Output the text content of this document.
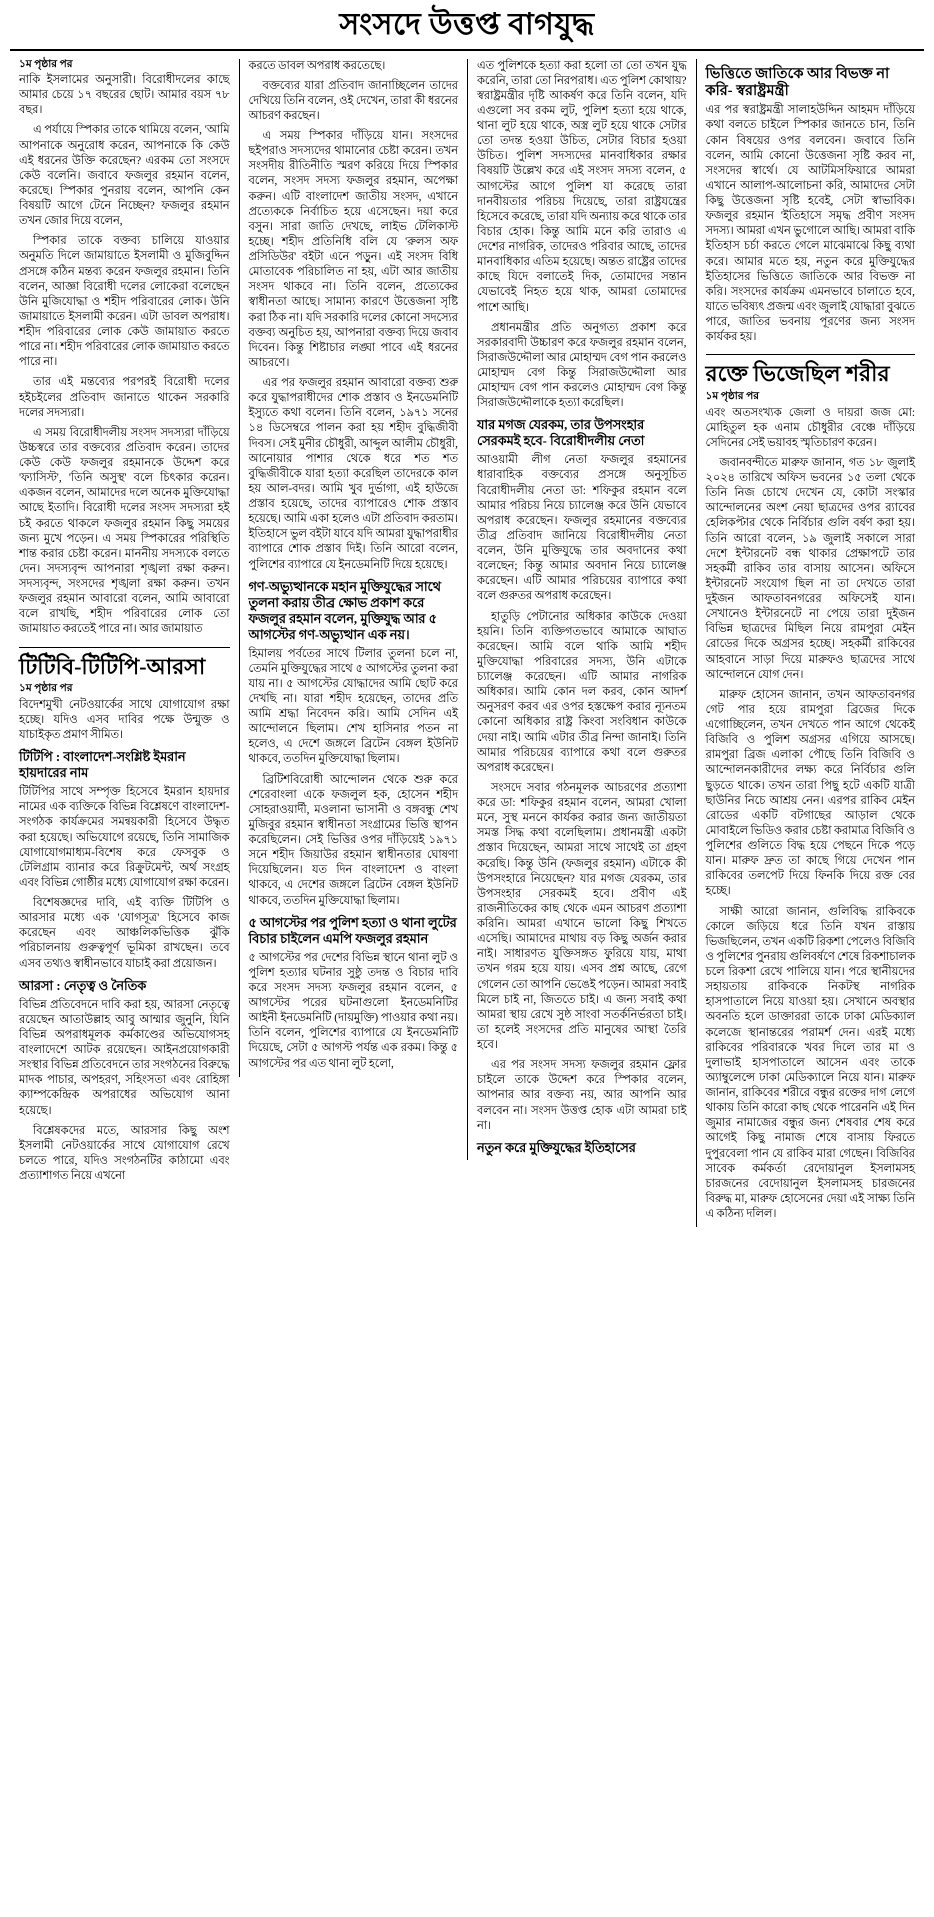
সংসদে উত্তপ্ত বাগযুদ্ধ
১ম পৃষ্ঠার পর

নাকি ইসলামের অনুসারী। বিরোধীদলের কাছে আমার চেয়ে ১৭ বছরের ছোট। আমার বয়স ৭৮ বছর।

এ পর্যায়ে স্পিকার তাকে থামিয়ে বলেন, 'আমি আপনাকে অনুরোধ করেন, আপনাকে কি কেউ এই ধরনের উক্তি করেছেন? এরকম তো সংসদে কেউ বলেনি। জবাবে ফজলুর রহমান বলেন, করেছে। স্পিকার পুনরায় বলেন, আপনি কেন বিষয়টি আগে টেনে নিচ্ছেন? ফজলুর রহমান তখন জোর দিয়ে বলেন,

স্পিকার তাকে বক্তব্য চালিয়ে যাওয়ার অনুমতি দিলে জামায়াতে ইসলামী ও মুজিবুদ্দিন প্রসঙ্গে কঠিন মন্তব্য করেন ফজলুর রহমান। তিনি বলেন, আজ্ঞা বিরোধী দলের লোকেরা বলেছেন উনি মুজিযোদ্ধা ও শহীদ পরিবারের লোক। উনি জামায়াতে ইসলামী করেন। এটা ডাবল অপরাধ। শহীদ পরিবারের লোক কেউ জামায়াত করতে পারে না। শহীদ পরিবারের লোক জামায়াত করতে পারে না।

তার এই মন্তব্যের পরপরই বিরোধী দলের হইচইলের প্রতিবাদ জানাতে থাকেন সরকারি দলের সদস্যরা।

এ সময় বিরোধীদলীয় সংসদ সদস্যরা দাঁড়িয়ে উচ্চস্বরে তার বক্তব্যের প্রতিবাদ করেন। তাদের কেউ কেউ ফজলুর রহমানকে উদ্দেশ করে 'ফ্যাসিস্ট', 'তিনি অসুস্থ' বলে চিৎকার করেন। একজন বলেন, আমাদের দলে অনেক মুক্তিযোদ্ধা আছে ইতাদি। বিরোধী দলের সংসদ সদস্যরা হই চই করতে থাকলে ফজলুর রহমান কিছু সময়ের জন্য মুখে পড়েন। এ সময় স্পিকারের পরিস্থিতি শান্ত করার চেষ্টা করেন। মাননীয় সদস্যকে বলতে দেন। সদস্যবৃন্দ আপনারা শৃঙ্খলা রক্ষা করুন। সদস্যবৃন্দ, সংসদের শৃঙ্খলা রক্ষা করুন। তখন ফজলুর রহমান আবারো বলেন, আমি আবারো বলে রাখছি, শহীদ পরিবারের লোক তো জামায়াত করতেই পারে না। আর জামায়াত

টিটিবি-টিটিপি-আরসা
১ম পৃষ্ঠার পর

বিদেশমুখী নেটওয়ার্কের সাথে যোগাযোগ রক্ষা হচ্ছে। যদিও এসব দাবির পক্ষে উন্মুক্ত ও যাচাইকৃত প্রমাণ সীমিত।

টিটিপি : বাংলাদেশ-সংশ্লিষ্ট ইমরান হায়দারের নাম

টিটিপির সাথে সম্পৃক্ত হিসেবে ইমরান হায়দার নামের এক ব্যক্তিকে বিভিন্ন বিশ্লেষণে বাংলাদেশ-সংগঠক কার্যক্রমের সমন্বয়কারী হিসেবে উদ্ধৃত করা হয়েছে। অভিযোগে রয়েছে, তিনি সামাজিক যোগাযোগমাধ্যম-বিশেষ করে ফেসবুক ও টেলিগ্রাম ব্যানার করে রিক্রুটমেন্ট, অর্থ সংগ্রহ এবং বিভিন্ন গোষ্ঠীর মধ্যে যোগাযোগ রক্ষা করেন।

বিশেষজ্ঞদের দাবি, এই ব্যক্তি টিটিপি ও আরসার মধ্যে এক 'যোগসূত্র' হিসেবে কাজ করেছেন এবং আঞ্চলিকভিত্তিক ঝুঁকি পরিচালনায় গুরুত্বপূর্ণ ভূমিকা রাখছেন। তবে এসব তথ্যও স্বাধীনভাবে যাচাই করা প্রয়োজন।

আরসা : নেতৃত্ব ও নৈতিক

বিভিন্ন প্রতিবেদনে দাবি করা হয়, আরসা নেতৃত্বে রয়েছেন আতাউল্লাহ আবু আম্মার জুনুনি, যিনি বিভিন্ন অপরাধমূলক কর্মকাণ্ডের অভিযোগসহ বাংলাদেশে আটক রয়েছেন। আইনপ্রয়োগকারী সংস্থার বিভিন্ন প্রতিবেদনে তার সংগঠনের বিরুদ্ধে মাদক পাচার, অপহরণ, সহিংসতা এবং রোহিঙ্গা ক্যাম্পকেন্দ্রিক অপরাধের অভিযোগ আনা হয়েছে।

বিশ্লেষকদের মতে, আরসার কিছু অংশ ইসলামী নেটওয়ার্কের সাথে যোগাযোগ রেখে চলতে পারে, যদিও সংগঠনটির কাঠামো এবং প্রত্যাশাগত নিয়ে এখনো

করতে ডাবল অপরাধ করতেছে।

বক্তব্যের যারা প্রতিবাদ জানাচ্ছিলেন তাদের দেখিয়ে তিনি বলেন, ওই দেখেন, তারা কী ধরনের আচরণ করছেন।

এ সময় স্পিকার দাঁড়িয়ে যান। সংসদের ছইপরাও সদস্যদের থামানোর চেষ্টা করেন। তখন সংসদীয় রীতিনীতি স্মরণ করিয়ে দিয়ে স্পিকার বলেন, সংসদ সদস্য ফজলুর রহমান, অপেক্ষা করুন। এটি বাংলাদেশ জাতীয় সংসদ, এখানে প্রত্যেককে নির্বাচিত হয়ে এসেছেন। দয়া করে বসুন। সারা জাতি দেখছে, লাইভ টেলিকাস্ট হচ্ছে। শহীদ প্রতিনিধি বলি যে 'রুলস অফ প্রসিডিউর' বইটা এনে পড়ুন। এই সংসদ বিধি মোতাবেক পরিচালিত না হয়, এটা আর জাতীয় সংসদ থাকবে না। তিনি বলেন, প্রত্যেকের স্বাধীনতা আছে। সামান্য কারণে উত্তেজনা সৃষ্টি করা ঠিক না। যদি সরকারি দলের কোনো সদস্যের বক্তব্য অনুচিত হয়, আপনারা বক্তব্য দিয়ে জবাব দিবেন। কিন্তু শিষ্টাচার লঙ্ঘা পাবে এই ধরনের আচরণে।

এর পর ফজলুর রহমান আবারো বক্তব্য শুরু করে যুদ্ধাপরাধীদের শোক প্রস্তাব ও ইনডেমনিটি ইস্যুতে কথা বলেন। তিনি বলেন, ১৯৭১ সনের ১৪ ডিসেম্বরে পালন করা হয় শহীদ বুদ্ধিজীবী দিবস। সেই মুনীর চৌধুরী, আব্দুল আলীম চৌধুরী, আনোয়ার পাশার থেকে ধরে শত শত বুদ্ধিজীবীকে যারা হত্যা করেছিল তাদেরকে কাল হয় আল-বদর। আমি খুব দুর্ভাগা, এই হাউজে প্রস্তাব হয়েছে, তাদের ব্যাপারেও শোক প্রস্তাব হয়েছে। আমি একা হলেও এটা প্রতিবাদ করতাম। ইতিহাসে ভুল বইটা যাবে যদি আমরা যুদ্ধাপরাধীর ব্যাপারে শোক প্রস্তাব দিই। তিনি আরো বলেন, পুলিশের ব্যাপারে যে ইনডেমনিটি দিয়ে হয়েছে।

গণ-অভ্যুত্থানকে মহান মুক্তিযুদ্ধের সাথে তুলনা করায় তীব্র ক্ষোভ প্রকাশ করে ফজলুর রহমান বলেন, মুক্তিযুদ্ধ আর ৫ আগস্টের গণ-অভ্যুত্থান এক নয়।

হিমালয় পর্বতের সাথে টিলার তুলনা চলে না, তেমনি মুক্তিযুদ্ধের সাথে ৫ আগস্টের তুলনা করা যায় না। ৫ আগস্টের যোদ্ধাদের আমি ছোট করে দেখছি না। যারা শহীদ হয়েছেন, তাদের প্রতি আমি শ্রদ্ধা নিবেদন করি। আমি সেদিন এই আন্দোলনে ছিলাম। শেখ হাসিনার পতন না হলেও, এ দেশে জঙ্গলে ব্রিটেন বেঙ্গল ইউনিট থাকবে, ততদিন মুক্তিযোদ্ধা ছিলাম।

ব্রিটিশবিরোধী আন্দোলন থেকে শুরু করে শেরেবাংলা একে ফজলুল হক, হোসেন শহীদ সোহরাওয়ার্দী, মওলানা ভাসানী ও বঙ্গবন্ধু শেখ মুজিবুর রহমান স্বাধীনতা সংগ্রামের ভিত্তি স্থাপন করেছিলেন। সেই ভিত্তির ওপর দাঁড়িয়েই ১৯৭১ সনে শহীদ জিয়াউর রহমান স্বাধীনতার ঘোষণা দিয়েছিলেন। যত দিন বাংলাদেশ ও বাংলা থাকবে, এ দেশের জঙ্গলে ব্রিটেন বেঙ্গল ইউনিট থাকবে, ততদিন মুক্তিযোদ্ধা ছিলাম।

৫ আগস্টের পর পুলিশ হত্যা ও থানা লুটের বিচার চাইলেন এমপি ফজলুর রহমান

৫ আগস্টের পর দেশের বিভিন্ন স্থানে থানা লুট ও পুলিশ হত্যার ঘটনার সুষ্ঠু তদন্ত ও বিচার দাবি করে সংসদ সদস্য ফজলুর রহমান বলেন, ৫ আগস্টের পরের ঘটনাগুলো ইনডেমনিটির আইনী ইনডেমনিটি (দায়মুক্তি) পাওয়ার কথা নয়। তিনি বলেন, পুলিশের ব্যাপারে যে ইনডেমনিটি দিয়েছে, সেটা ৫ আগস্ট পর্যন্ত এক রকম। কিন্তু ৫ আগস্টের পর এত থানা লুট হলো,

এত পুলিশকে হত্যা করা হলো তা তো তখন যুদ্ধ করেনি, তারা তো নিরপরাধ। এত পুলিশ কোথায়? স্বরাষ্ট্রমন্ত্রীর দৃষ্টি আকর্ষণ করে তিনি বলেন, যদি এগুলো সব রকম লুট, পুলিশ হত্যা হয়ে থাকে, থানা লুট হয়ে থাকে, অস্ত্র লুট হয়ে থাকে সেটার তো তদন্ত হওয়া উচিত, সেটার বিচার হওয়া উচিত। পুলিশ সদস্যদের মানবাধিকার রক্ষার বিষয়টি উল্লেখ করে এই সংসদ সদস্য বলেন, ৫ আগস্টের আগে পুলিশ যা করেছে তারা দানবীয়তার পরিচয় দিয়েছে, তারা রাষ্ট্রযন্ত্রের হিসেবে করেছে, তারা যদি অন্যায় করে থাকে তার বিচার হোক। কিন্তু আমি মনে করি তারাও এ দেশের নাগরিক, তাদেরও পরিবার আছে, তাদের মানবাধিকার এতিম হয়েছে। অন্তত রাষ্ট্রের তাদের কাছে যিদে বলাতেই দিক, তোমাদের সন্তান যেভাবেই নিহত হয়ে থাক, আমরা তোমাদের পাশে আছি।

প্রধানমন্ত্রীর প্রতি অনুগত্য প্রকাশ করে সরকারবাদী উচ্চারণ করে ফজলুর রহমান বলেন, সিরাজউদ্দৌলা আর মোহাম্মদ বেগ পান করলেও মোহাম্মদ বেগ কিন্তু সিরাজউদ্দৌলা আর মোহাম্মদ বেগ পান করলেও মোহাম্মদ বেগ কিন্তু সিরাজউদ্দৌলাকে হত্যা করেছিল।

যার মগজ যেরকম, তার উপসংহার সেরকমই হবে- বিরোধীদলীয় নেতা

আওয়ামী লীগ নেতা ফজলুর রহমানের ধারাবাহিক বক্তব্যের প্রসঙ্গে অনুসূচিত বিরোধীদলীয় নেতা ডা: শফিকুর রহমান বলে আমার পরিচয় নিয়ে চ্যালেঞ্জ করে উনি যেভাবে অপরাধ করেছেন। ফজলুর রহমানের বক্তব্যের তীব্র প্রতিবাদ জানিয়ে বিরোধীদলীয় নেতা বলেন, উনি মুক্তিযুদ্ধে তার অবদানের কথা বলেছেন; কিন্তু আমার অবদান নিয়ে চ্যালেঞ্জ করেছেন। এটি আমার পরিচয়ের ব্যাপারে কথা বলে গুরুতর অপরাধ করেছেন।

হাতুড়ি পেটানোর অধিকার কাউকে দেওয়া হয়নি। তিনি ব্যক্তিগতভাবে আমাকে আঘাত করেছেন। আমি বলে থাকি আমি শহীদ মুক্তিযোদ্ধা পরিবারের সদস্য, উনি এটাকে চ্যালেঞ্জ করেছেন। এটি আমার নাগরিক অধিকার। আমি কোন দল করব, কোন আদর্শ অনুসরণ করব এর ওপর হস্তক্ষেপ করার ন্যূনতম কোনো অধিকার রাষ্ট্র কিংবা সংবিধান কাউকে দেয়া নাই। আমি এটার তীব্র নিন্দা জানাই। তিনি আমার পরিচয়ের ব্যাপারে কথা বলে গুরুতর অপরাধ করেছেন।

সংসদে সবার গঠনমূলক আচরণের প্রত্যাশা করে ডা: শফিকুর রহমান বলেন, আমরা খোলা মনে, সুস্থ মননে কার্যকর করার জন্য জাতীয়তা সমস্ত সিদ্ধ কথা বলেছিলাম। প্রধানমন্ত্রী একটা প্রস্তাব দিয়েছেন, আমরা সাথে সাথেই তা গ্রহণ করেছি। কিন্তু উনি (ফজলুর রহমান) এটাকে কী উপসংহারে নিয়েছেন? যার মগজ যেরকম, তার উপসংহার সেরকমই হবে। প্রবীণ এই রাজনীতিকের কাছ থেকে এমন আচরণ প্রত্যাশা করিনি। আমরা এখানে ভালো কিছু শিখতে এসেছি। আমাদের মাথায় বড় কিছু অর্জন করার নাই। সাধারণত যুক্তিসঙ্গত ফুরিয়ে যায়, মাথা তখন গরম হয়ে যায়। এসব প্রশ্ন আছে, রেগে গেলেন তো আপনি ভেঙেই পড়েন। আমরা সবাই মিলে চাই না, জিততে চাই। এ জন্য সবাই কথা আমরা স্থায় রেখে সুষ্ঠ সাংবা সতর্কনির্ভরতা চাই। তা হলেই সংসদের প্রতি মানুষের আস্থা তৈরি হবে।

এর পর সংসদ সদস্য ফজলুর রহমান ফ্লোর চাইলে তাকে উদ্দেশ করে স্পিকার বলেন, আপনার আর বক্তব্য নয়, আর আপনি আর বলবেন না। সংসদ উত্তপ্ত হোক এটা আমরা চাই না।

নতুন করে মুক্তিযুদ্ধের ইতিহাসের
ভিত্তিতে জাতিকে আর বিভক্ত না করি- স্বরাষ্ট্রমন্ত্রী

এর পর স্বরাষ্ট্রমন্ত্রী সালাহউদ্দিন আহমদ দাঁড়িয়ে কথা বলতে চাইলে স্পিকার জানতে চান, তিনি কোন বিষয়ের ওপর বলবেন। জবাবে তিনি বলেন, আমি কোনো উত্তেজনা সৃষ্টি করব না, সংসদের স্বার্থে। যে আটমিসফিয়ারে আমরা এখানে আলাপ-আলোচনা করি, আমাদের সেটা কিছু উত্তেজনা সৃষ্টি হবেই, সেটা স্বাভাবিক। ফজলুর রহমান 'ইতিহাসে সমৃদ্ধ প্রবীণ সংসদ সদস্য। আমরা এখন ভুগোলে আছি। আমরা বাকি ইতিহাস চর্চা করতে গেলে মাঝেমাঝে কিছু ব্যথা করে। আমার মতে হয়, নতুন করে মুক্তিযুদ্ধের ইতিহাসের ভিত্তিতে জাতিকে আর বিভক্ত না করি। সংসদের কার্যক্রম এমনভাবে চালাতে হবে, যাতে ভবিষ্যৎ প্রজন্ম এবং জুলাই যোদ্ধারা বুঝতে পারে, জাতির ভবনায় পূরণের জন্য সংসদ কার্যকর হয়।

রক্তে ভিজেছিল শরীর
১ম পৃষ্ঠার পর

এবং অতসংখ্যক জেলা ও দায়রা জজ মো: মোহিতুল হক এনাম চৌধুরীর বেঞ্চে দাঁড়িয়ে সেদিনের সেই ভয়াবহ স্মৃতিচারণ করেন।

জবানবন্দীতে মারুফ জানান, গত ১৮ জুলাই ২০২৪ তারিখে অফিস ভবনের ১৫ তলা থেকে তিনি নিজ চোখে দেখেন যে, কোটা সংস্কার আন্দোলনের অংশ নেয়া ছাত্রদের ওপর র‌্যাবের হেলিকপ্টার থেকে নির্বিচার গুলি বর্ষণ করা হয়। তিনি আরো বলেন, ১৯ জুলাই সকালে সারা দেশে ইন্টারনেট বন্ধ থাকার প্রেক্ষাপটে তার সহকর্মী রাকিব তার বাসায় আসেন। অফিসে ইন্টারনেট সংযোগ ছিল না তা দেখতে তারা দুইজন আফতাবনগরের অফিসেই যান। সেখানেও ইন্টারনেটে না পেয়ে তারা দুইজন বিভিন্ন ছাত্রদের মিছিল নিয়ে রামপুরা মেইন রোডের দিকে অগ্রসর হচ্ছে। সহকর্মী রাকিবের আহবানে সাড়া দিয়ে মারুফও ছাত্রদের সাথে আন্দোলনে যোগ দেন।

মারুফ হোসেন জানান, তখন আফতাবনগর গেট পার হয়ে রামপুরা ব্রিজের দিকে এগোচ্ছিলেন, তখন দেখতে পান আগে থেকেই বিজিবি ও পুলিশ অগ্রসর এগিয়ে আসছে। রামপুরা ব্রিজ এলাকা পৌছে তিনি বিজিবি ও আন্দোলনকারীদের লক্ষ্য করে নির্বিচার গুলি ছুড়তে থাকে। তখন তারা পিছু হটে একটি যাত্রী ছাউনির নিচে আশ্রয় নেন। এরপর রাকিব মেইন রোডের একটি বটগাছের আড়াল থেকে মোবাইলে ভিডিও করার চেষ্টা করামাত্র বিজিবি ও পুলিশের গুলিতে বিদ্ধ হয়ে পেছনে দিকে পড়ে যান। মারুফ দ্রুত তা কাছে গিয়ে দেখেন পান রাকিবের তলপেট দিয়ে ফিনকি দিয়ে রক্ত বের হচ্ছে।

সাক্ষী আরো জানান, গুলিবিদ্ধ রাকিবকে কোলে জড়িয়ে ধরে তিনি যখন রাস্তায় ভিজছিলেন, তখন একটি রিকশা পেলেও বিজিবি ও পুলিশের পুনরায় গুলিবর্ষণে শেষে রিকশাচালক চলে রিকশা রেখে পালিয়ে যান। পরে স্থানীয়দের সহায়তায় রাকিবকে নিকটস্থ নাগরিক হাসপাতালে নিয়ে যাওয়া হয়। সেখানে অবস্থার অবনতি হলে ডাক্তাররা তাকে ঢাকা মেডিক্যাল কলেজে স্থানান্তরের পরামর্শ দেন। এরই মধ্যে রাকিবের পরিবারকে খবর দিলে তার মা ও দুলাভাই হাসপাতালে আসেন এবং তাকে অ্যাম্বুলেন্সে ঢাকা মেডিক্যালে নিয়ে যান। মারুফ জানান, রাকিবের শরীরে বন্ধুর রক্তের দাগ লেগে থাকায় তিনি কারো কাছ থেকে পারেননি এই দিন জুমার নামাজের বন্ধুর জন্য শেষবার শেষ করে আগেই কিছু নামাজ শেষে বাসায় ফিরতে দুপুরবেলা পান যে রাকিব মারা গেছেন। বিজিবির সাবেক কর্মকর্তা রেদোয়ানুল ইসলামসহ চারজনের বেদোয়ানুল ইসলামসহ চারজনের বিরুদ্ধ মা, মারুফ হোসেনের দেয়া এই সাক্ষ্য তিনি এ কঠিন্য দলিল।
